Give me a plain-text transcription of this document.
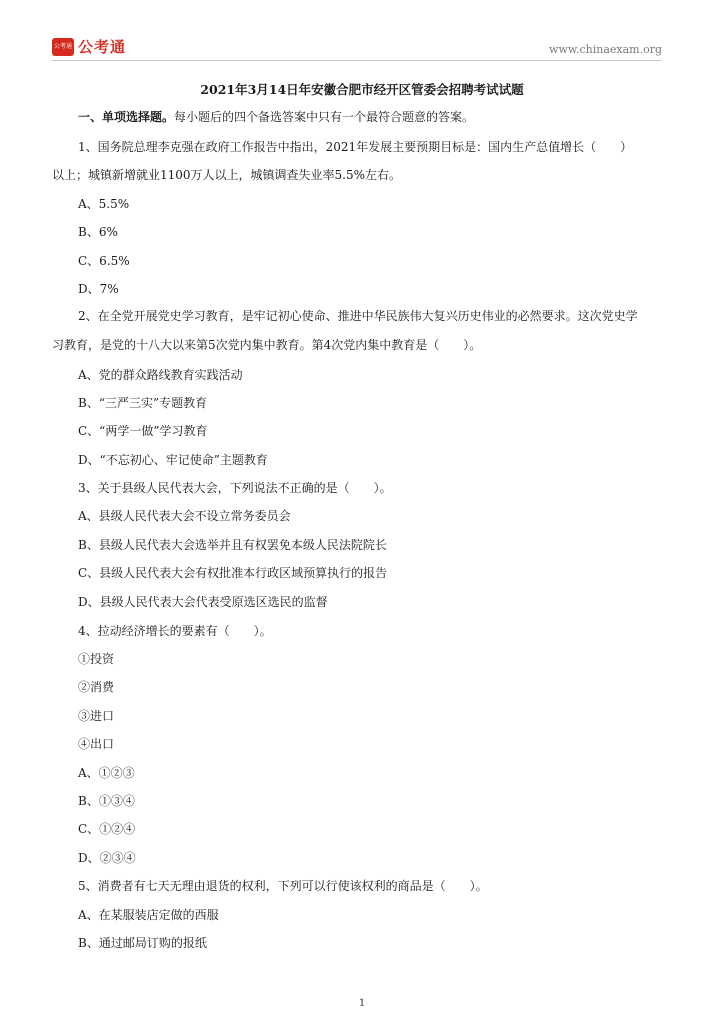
公考通 公考通	www.chinaexam.org
2021年3月14日年安徽合肥市经开区管委会招聘考试试题
一、单项选择题。每小题后的四个备选答案中只有一个最符合题意的答案。
1、国务院总理李克强在政府工作报告中指出，2021年发展主要预期目标是：国内生产总值增长（　　）
以上；城镇新增就业1100万人以上，城镇调查失业率5.5%左右。
A、5.5%
B、6%
C、6.5%
D、7%
2、在全党开展党史学习教育，是牢记初心使命、推进中华民族伟大复兴历史伟业的必然要求。这次党史学
习教育，是党的十八大以来第5次党内集中教育。第4次党内集中教育是（　　）。
A、党的群众路线教育实践活动
B、“三严三实”专题教育
C、“两学一做”学习教育
D、“不忘初心、牢记使命”主题教育
3、关于县级人民代表大会，下列说法不正确的是（　　）。
A、县级人民代表大会不设立常务委员会
B、县级人民代表大会选举并且有权罢免本级人民法院院长
C、县级人民代表大会有权批准本行政区域预算执行的报告
D、县级人民代表大会代表受原选区选民的监督
4、拉动经济增长的要素有（　　）。
①投资
②消费
③进口
④出口
A、①②③
B、①③④
C、①②④
D、②③④
5、消费者有七天无理由退货的权利，下列可以行使该权利的商品是（　　）。
A、在某服装店定做的西服
B、通过邮局订购的报纸
1
